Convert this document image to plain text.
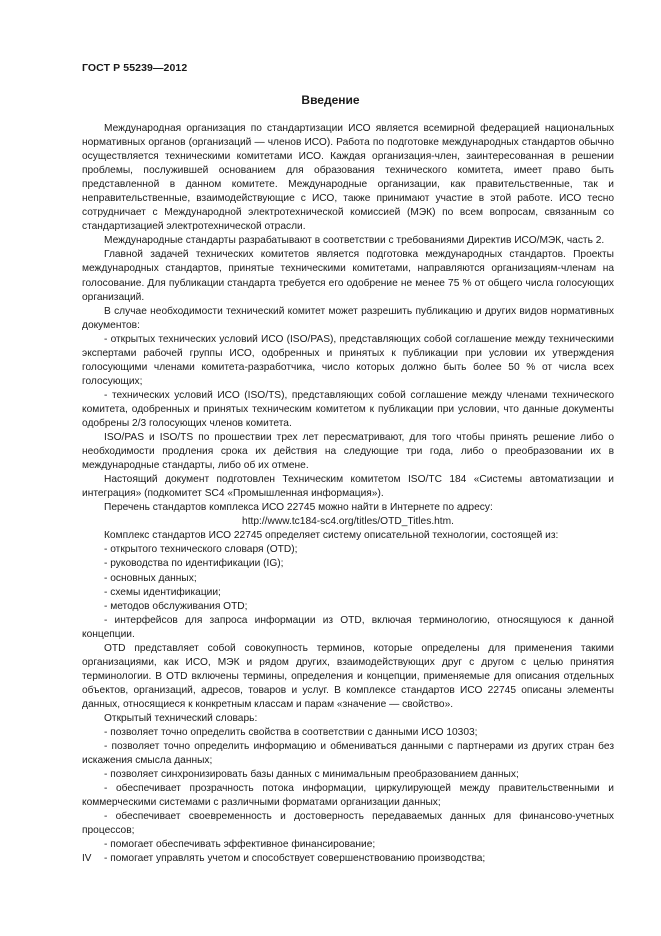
ГОСТ Р 55239—2012
Введение

Международная организация по стандартизации ИСО является всемирной федерацией национальных нормативных органов (организаций — членов ИСО). Работа по подготовке международных стандартов обычно осуществляется техническими комитетами ИСО. Каждая организация-член, заинтересованная в решении проблемы, послужившей основанием для образования технического комитета, имеет право быть представленной в данном комитете. Международные организации, как правительственные, так и неправительственные, взаимодействующие с ИСО, также принимают участие в этой работе. ИСО тесно сотрудничает с Международной электротехнической комиссией (МЭК) по всем вопросам, связанным со стандартизацией электротехнической отрасли.

Международные стандарты разрабатывают в соответствии с требованиями Директив ИСО/МЭК, часть 2.

Главной задачей технических комитетов является подготовка международных стандартов. Проекты международных стандартов, принятые техническими комитетами, направляются организациям-членам на голосование. Для публикации стандарта требуется его одобрение не менее 75 % от общего числа голосующих организаций.

В случае необходимости технический комитет может разрешить публикацию и других видов нормативных документов:

- открытых технических условий ИСО (ISO/PAS), представляющих собой соглашение между техническими экспертами рабочей группы ИСО, одобренных и принятых к публикации при условии их утверждения голосующими членами комитета-разработчика, число которых должно быть более 50 % от числа всех голосующих;

- технических условий ИСО (ISO/TS), представляющих собой соглашение между членами технического комитета, одобренных и принятых техническим комитетом к публикации при условии, что данные документы одобрены 2/3 голосующих членов комитета.

ISO/PAS и ISO/TS по прошествии трех лет пересматривают, для того чтобы принять решение либо о необходимости продления срока их действия на следующие три года, либо о преобразовании их в международные стандарты, либо об их отмене.

Настоящий документ подготовлен Техническим комитетом ISO/TC 184 «Системы автоматизации и интеграция» (подкомитет SC4 «Промышленная информация»).

Перечень стандартов комплекса ИСО 22745 можно найти в Интернете по адресу:

http://www.tc184-sc4.org/titles/OTD_Titles.htm.

Комплекс стандартов ИСО 22745 определяет систему описательной технологии, состоящей из:

- открытого технического словаря (OTD);

- руководства по идентификации (IG);

- основных данных;

- схемы идентификации;

- методов обслуживания OTD;

- интерфейсов для запроса информации из OTD, включая терминологию, относящуюся к данной концепции.

OTD представляет собой совокупность терминов, которые определены для применения такими организациями, как ИСО, МЭК и рядом других, взаимодействующих друг с другом с целью принятия терминологии. В OTD включены термины, определения и концепции, применяемые для описания отдельных объектов, организаций, адресов, товаров и услуг. В комплексе стандартов ИСО 22745 описаны элементы данных, относящиеся к конкретным классам и парам «значение — свойство».

Открытый технический словарь:

- позволяет точно определить свойства в соответствии с данными ИСО 10303;

- позволяет точно определить информацию и обмениваться данными с партнерами из других стран без искажения смысла данных;

- позволяет синхронизировать базы данных с минимальным преобразованием данных;

- обеспечивает прозрачность потока информации, циркулирующей между правительственными и коммерческими системами с различными форматами организации данных;

- обеспечивает своевременность и достоверность передаваемых данных для финансово-учетных процессов;

- помогает обеспечивать эффективное финансирование;

- помогает управлять учетом и способствует совершенствованию производства;

IV
